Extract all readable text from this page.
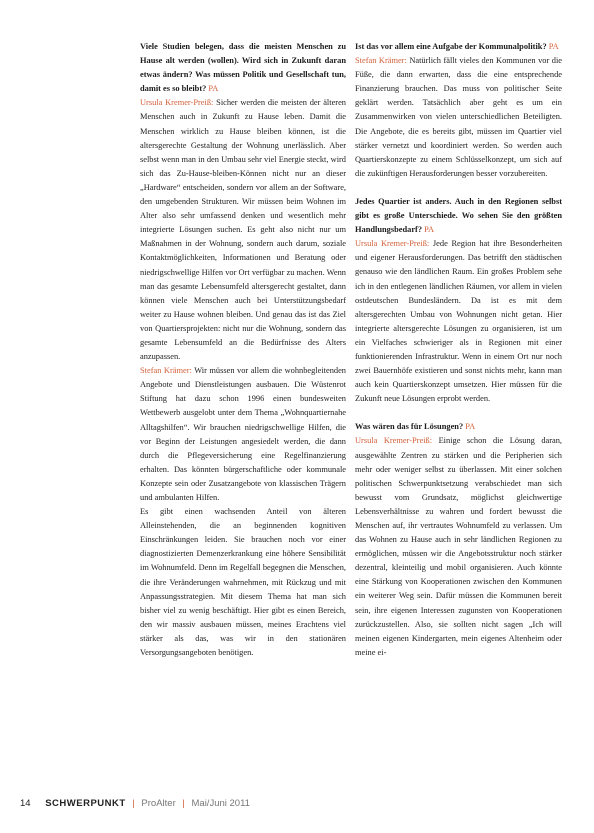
Viele Studien belegen, dass die meisten Menschen zu Hause alt werden (wollen). Wird sich in Zukunft daran etwas ändern? Was müssen Politik und Gesellschaft tun, damit es so bleibt? PA

Ursula Kremer-Preiß: Sicher werden die meisten der älteren Menschen auch in Zukunft zu Hause leben. Damit die Menschen wirklich zu Hause bleiben können, ist die altersgerechte Gestaltung der Wohnung unerlässlich. Aber selbst wenn man in den Umbau sehr viel Energie steckt, wird sich das Zu-Hause-bleiben-Können nicht nur an dieser „Hardware“ entscheiden, sondern vor allem an der Software, den umgebenden Strukturen. Wir müssen beim Wohnen im Alter also sehr umfassend denken und wesentlich mehr integrierte Lösungen suchen. Es geht also nicht nur um Maßnahmen in der Wohnung, sondern auch darum, soziale Kontaktmöglichkeiten, Informationen und Beratung oder niedrigschwellige Hilfen vor Ort verfügbar zu machen. Wenn man das gesamte Lebensumfeld altersgerecht gestaltet, dann können viele Menschen auch bei Unterstützungsbedarf weiter zu Hause wohnen bleiben. Und genau das ist das Ziel von Quartiersprojekten: nicht nur die Wohnung, sondern das gesamte Lebensumfeld an die Bedürfnisse des Alters anzupassen.

Stefan Krämer: Wir müssen vor allem die wohnbegleitenden Angebote und Dienstleistungen ausbauen. Die Wüstenrot Stiftung hat dazu schon 1996 einen bundesweiten Wettbewerb ausgelobt unter dem Thema „Wohnquartiernahe Alltagshilfen“. Wir brauchen niedrigschwellige Hilfen, die vor Beginn der Leistungen angesiedelt werden, die dann durch die Pflegeversicherung eine Regelfinanzierung erhalten. Das könnten bürgerschaftliche oder kommunale Konzepte sein oder Zusatzangebote von klassischen Trägern und ambulanten Hilfen.

Es gibt einen wachsenden Anteil von älteren Alleinstehenden, die an beginnenden kognitiven Einschränkungen leiden. Sie brauchen noch vor einer diagnostizierten Demenzerkrankung eine höhere Sensibilität im Wohnumfeld. Denn im Regelfall begegnen die Menschen, die ihre Veränderungen wahrnehmen, mit Rückzug und mit Anpassungsstrategien. Mit diesem Thema hat man sich bisher viel zu wenig beschäftigt. Hier gibt es einen Bereich, den wir massiv ausbauen müssen, meines Erachtens viel stärker als das, was wir in den stationären Versorgungsangeboten benötigen.

Ist das vor allem eine Aufgabe der Kommunalpolitik? PA

Stefan Krämer: Natürlich fällt vieles den Kommunen vor die Füße, die dann erwarten, dass die eine entsprechende Finanzierung brauchen. Das muss von politischer Seite geklärt werden. Tatsächlich aber geht es um ein Zusammenwirken von vielen unterschiedlichen Beteiligten. Die Angebote, die es bereits gibt, müssen im Quartier viel stärker vernetzt und koordiniert werden. So werden auch Quartierskonzepte zu einem Schlüsselkonzept, um sich auf die zukünftigen Herausforderungen besser vorzubereiten.

Jedes Quartier ist anders. Auch in den Regionen selbst gibt es große Unterschiede. Wo sehen Sie den größten Handlungsbedarf? PA

Ursula Kremer-Preiß: Jede Region hat ihre Besonderheiten und eigener Herausforderungen. Das betrifft den städtischen genauso wie den ländlichen Raum. Ein großes Problem sehe ich in den entlegenen ländlichen Räumen, vor allem in vielen ostdeutschen Bundesländern. Da ist es mit dem altersgerechten Umbau von Wohnungen nicht getan. Hier integrierte altersgerechte Lösungen zu organisieren, ist um ein Vielfaches schwieriger als in Regionen mit einer funktionierenden Infrastruktur. Wenn in einem Ort nur noch zwei Bauernhöfe existieren und sonst nichts mehr, kann man auch kein Quartierskonzept umsetzen. Hier müssen für die Zukunft neue Lösungen erprobt werden.

Was wären das für Lösungen? PA

Ursula Kremer-Preiß: Einige schon die Lösung daran, ausgewählte Zentren zu stärken und die Peripherien sich mehr oder weniger selbst zu überlassen. Mit einer solchen politischen Schwerpunktsetzung verabschiedet man sich bewusst vom Grundsatz, möglichst gleichwertige Lebensverhältnisse zu wahren und fordert bewusst die Menschen auf, ihr vertrautes Wohnumfeld zu verlassen. Um das Wohnen zu Hause auch in sehr ländlichen Regionen zu ermöglichen, müssen wir die Angebotsstruktur noch stärker dezentral, kleinteilig und mobil organisieren. Auch könnte eine Stärkung von Kooperationen zwischen den Kommunen ein weiterer Weg sein. Dafür müssen die Kommunen bereit sein, ihre eigenen Interessen zugunsten von Kooperationen zurückzustellen. Also, sie sollten nicht sagen „Ich will meinen eigenen Kindergarten, mein eigenes Altenheim oder meine ei-

14 SCHWERPUNKT | ProAlter | Mai/Juni 2011
